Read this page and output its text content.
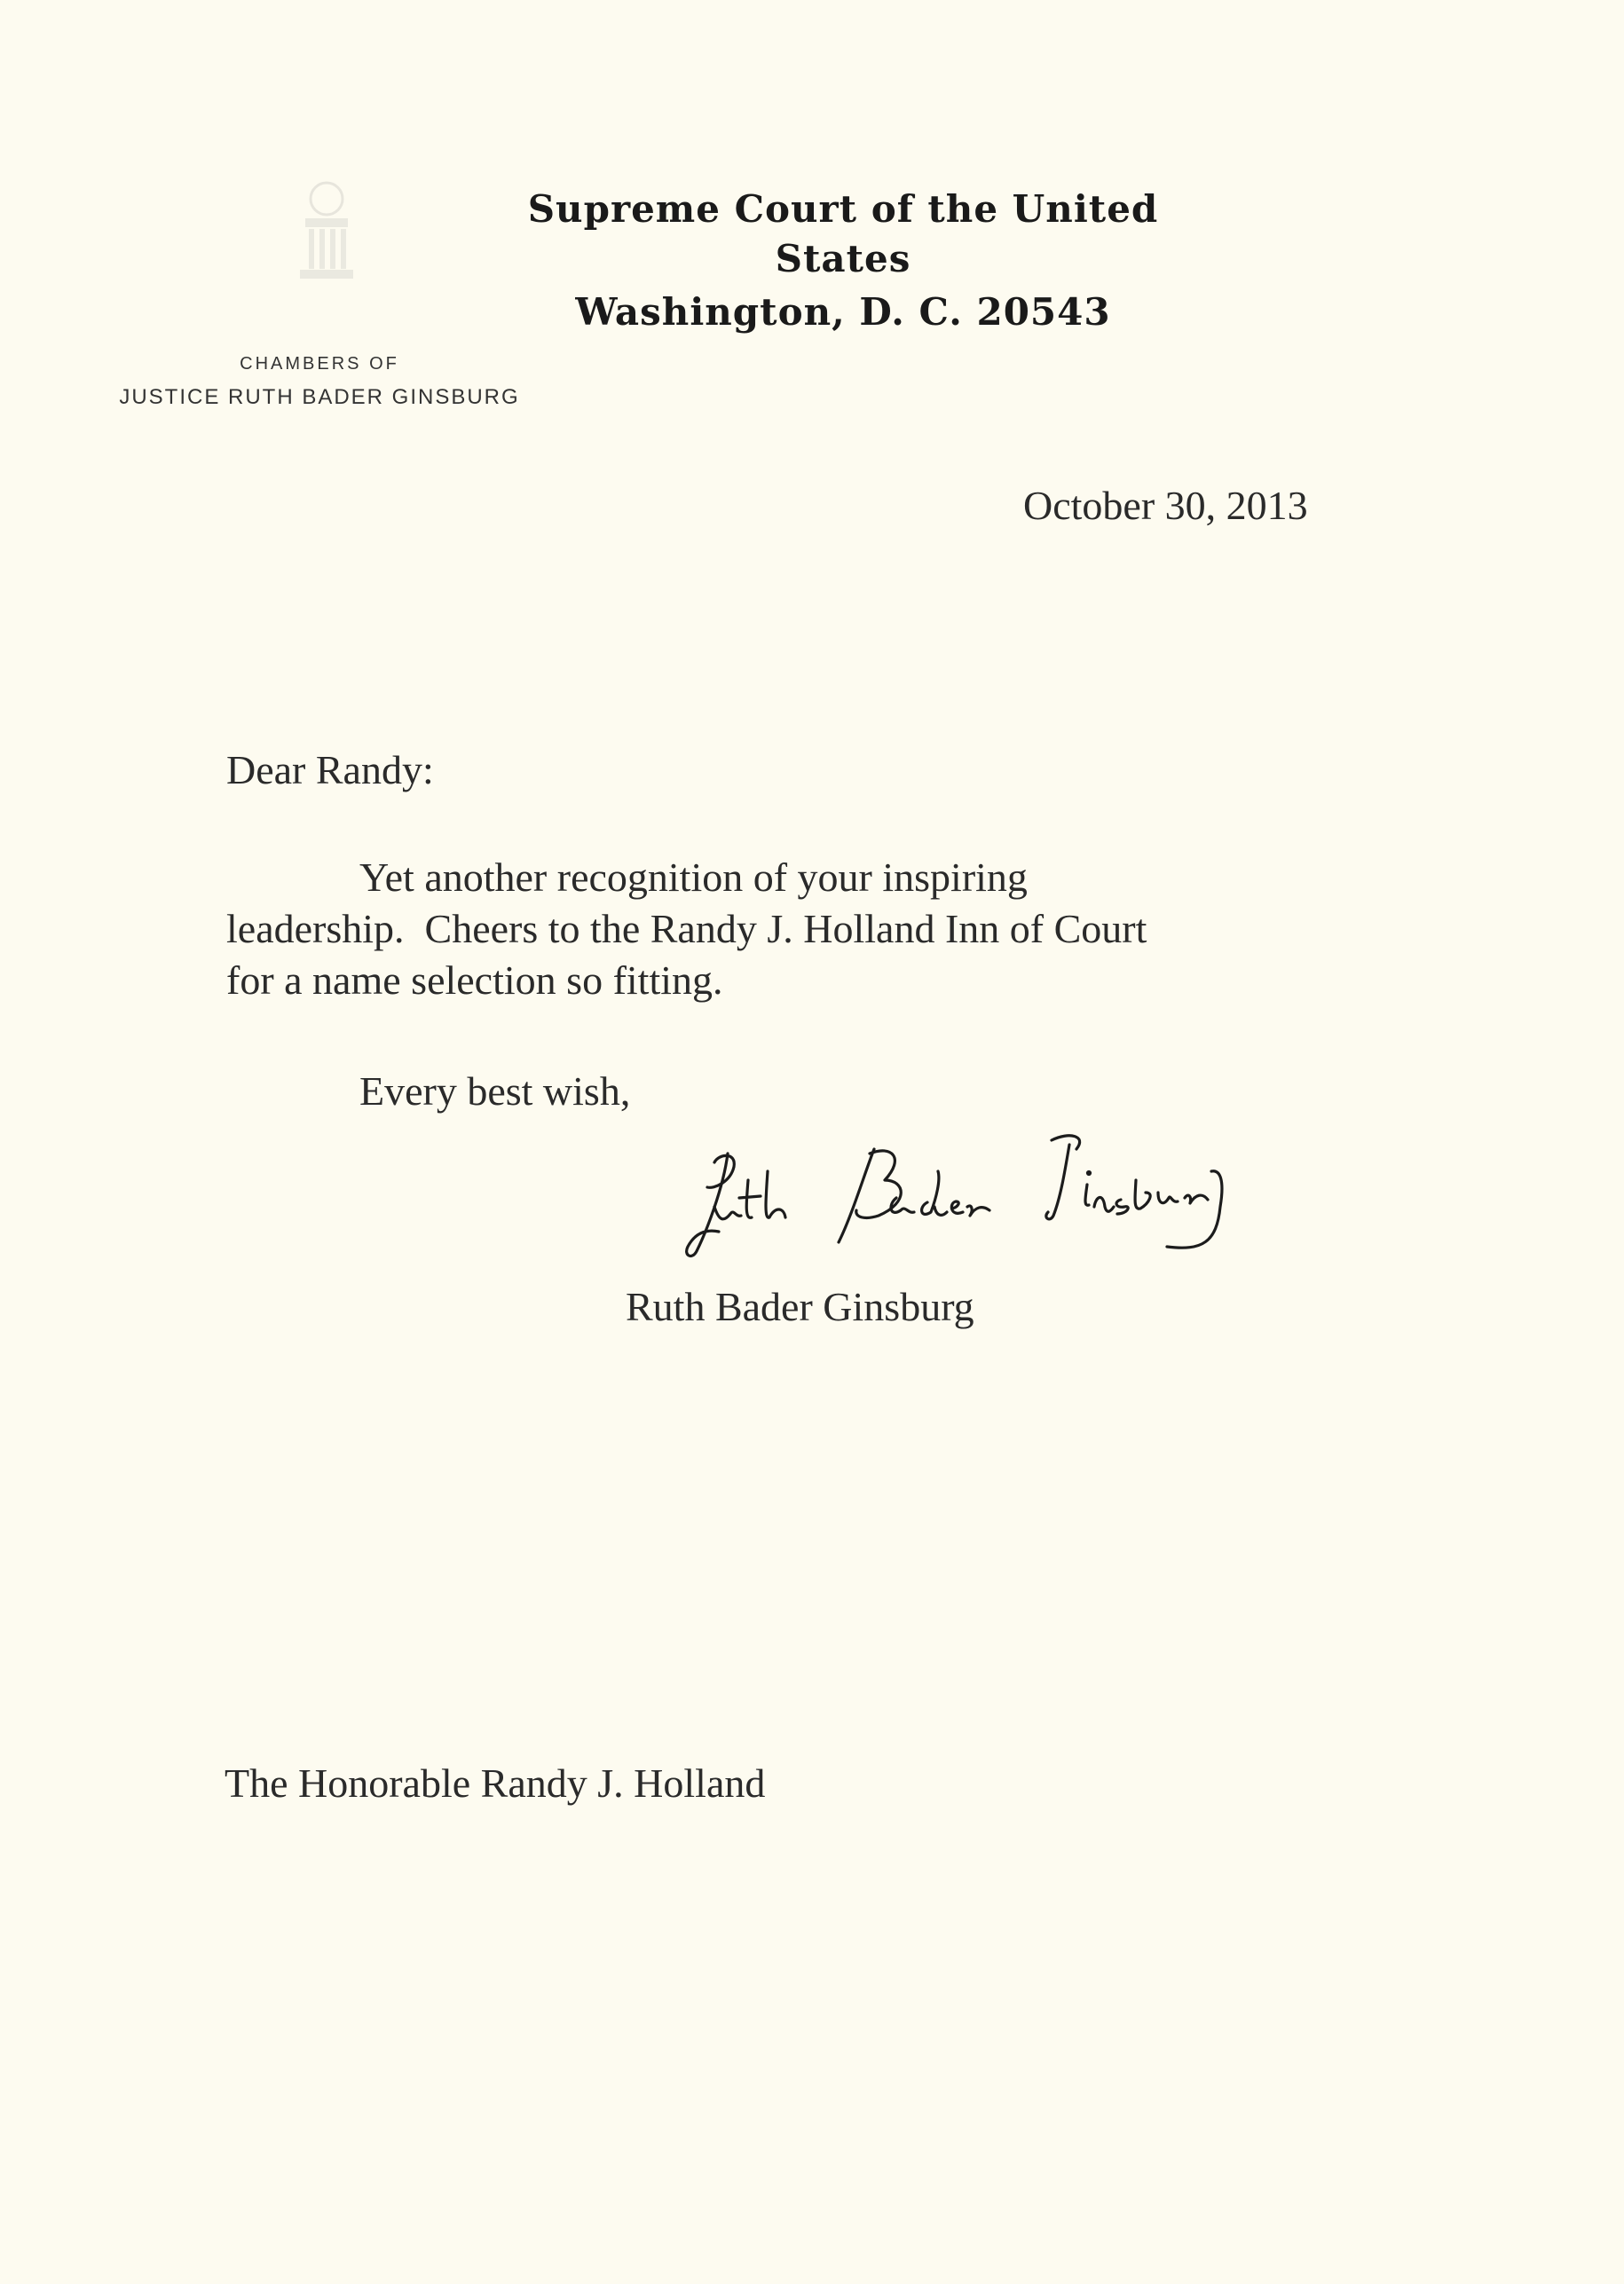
Supreme Court of the United States
Washington, D. C. 20543
CHAMBERS OF
JUSTICE RUTH BADER GINSBURG
October 30, 2013
Dear Randy:
Yet another recognition of your inspiring
leadership.  Cheers to the Randy J. Holland Inn of Court
for a name selection so fitting.
Every best wish,
Ruth Bader Ginsburg
The Honorable Randy J. Holland
